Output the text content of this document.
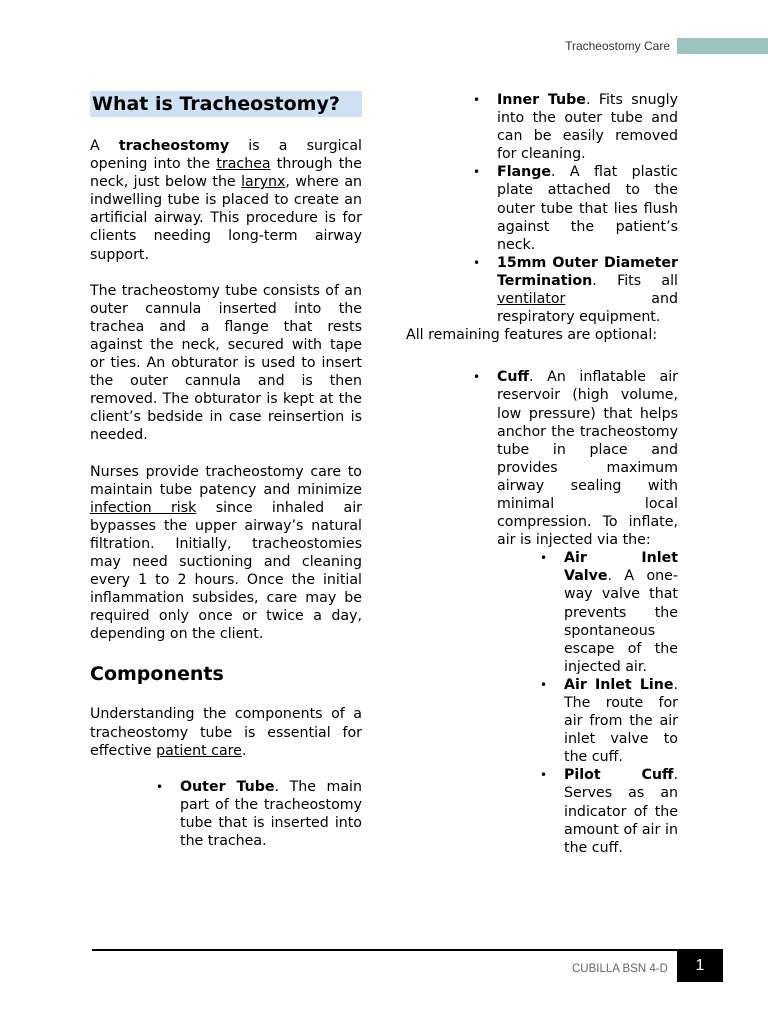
Tracheostomy Care
What is Tracheostomy?

A tracheostomy is a surgical opening into the trachea through the neck, just below the larynx, where an indwelling tube is placed to create an artificial airway. This procedure is for clients needing long-term airway support.

The tracheostomy tube consists of an outer cannula inserted into the trachea and a flange that rests against the neck, secured with tape or ties. An obturator is used to insert the outer cannula and is then removed. The obturator is kept at the client’s bedside in case reinsertion is needed.

Nurses provide tracheostomy care to maintain tube patency and minimize infection risk since inhaled air bypasses the upper airway’s natural filtration. Initially, tracheostomies may need suctioning and cleaning every 1 to 2 hours. Once the initial inflammation subsides, care may be required only once or twice a day, depending on the client.

Components

Understanding the components of a tracheostomy tube is essential for effective patient care.

• Outer Tube. The main part of the tracheostomy tube that is inserted into the trachea.

• Inner Tube. Fits snugly into the outer tube and can be easily removed for cleaning.

• Flange. A flat plastic plate attached to the outer tube that lies flush against the patient’s neck.

• 15mm Outer Diameter Termination. Fits all ventilator and respiratory equipment.

All remaining features are optional:

• Cuff. An inflatable air reservoir (high volume, low pressure) that helps anchor the tracheostomy tube in place and provides maximum airway sealing with minimal local compression. To inflate, air is injected via the:

• Air Inlet Valve. A one-way valve that prevents the spontaneous escape of the injected air.

• Air Inlet Line. The route for air from the air inlet valve to the cuff.

• Pilot Cuff. Serves as an indicator of the amount of air in the cuff.

CUBILLA BSN 4-D 1
